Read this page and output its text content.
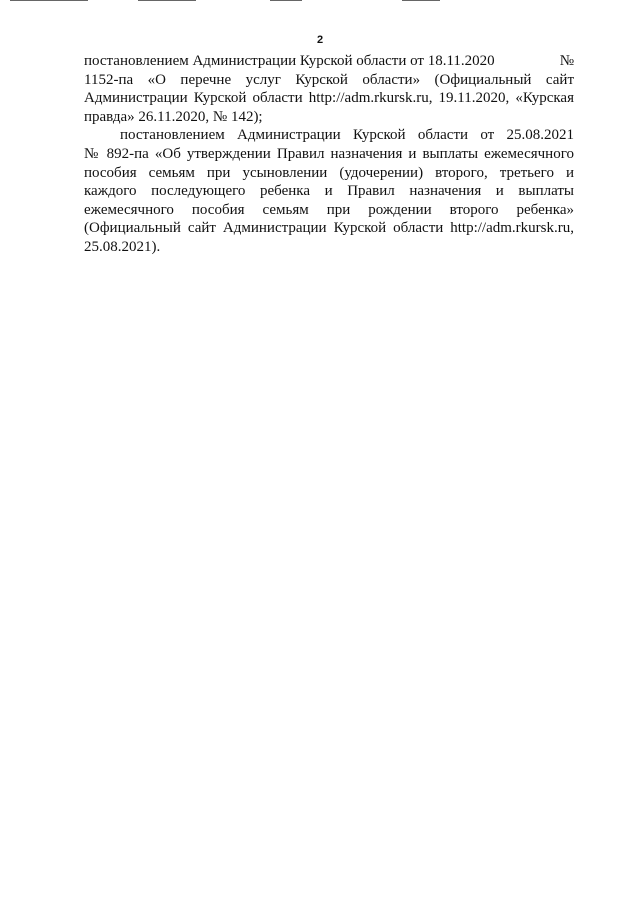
2

постановлением Администрации Курской области от 18.11.2020	№
1152-па «О перечне услуг Курской области» (Официальный сайт
Администрации Курской области http://adm.rkursk.ru, 19.11.2020, «Курская
правда» 26.11.2020, № 142);

постановлением Администрации Курской области от 25.08.2021
№ 892-па «Об утверждении Правил назначения и выплаты ежемесячного
пособия семьям при усыновлении (удочерении) второго, третьего и
каждого последующего ребенка и Правил назначения и выплаты
ежемесячного пособия семьям при рождении второго ребенка»
(Официальный сайт Администрации Курской области http://adm.rkursk.ru,
25.08.2021).
